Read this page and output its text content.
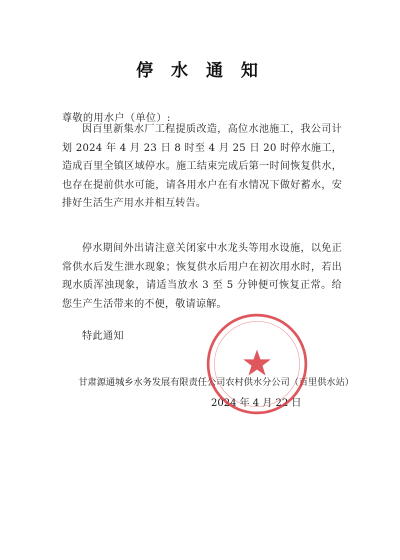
停 水 通 知
尊敬的用水户（单位）:

因百里新集水厂工程提质改造，高位水池施工，我公司计划 2024 年 4 月 23 日 8 时至 4 月 25 日 20 时停水施工，造成百里全镇区域停水。施工结束完成后第一时间恢复供水，也存在提前供水可能，请各用水户在有水情况下做好蓄水，安排好生活生产用水并相互转告。

停水期间外出请注意关闭家中水龙头等用水设施，以免正常供水后发生泄水现象；恢复供水后用户在初次用水时，若出现水质浑浊现象，请适当放水 3 至 5 分钟便可恢复正常。给您生产生活带来的不便，敬请谅解。

特此通知
甘肃源通城乡水务发展有限责任公司农村供水分公司（百里供水站）
2024 年 4 月 22 日
